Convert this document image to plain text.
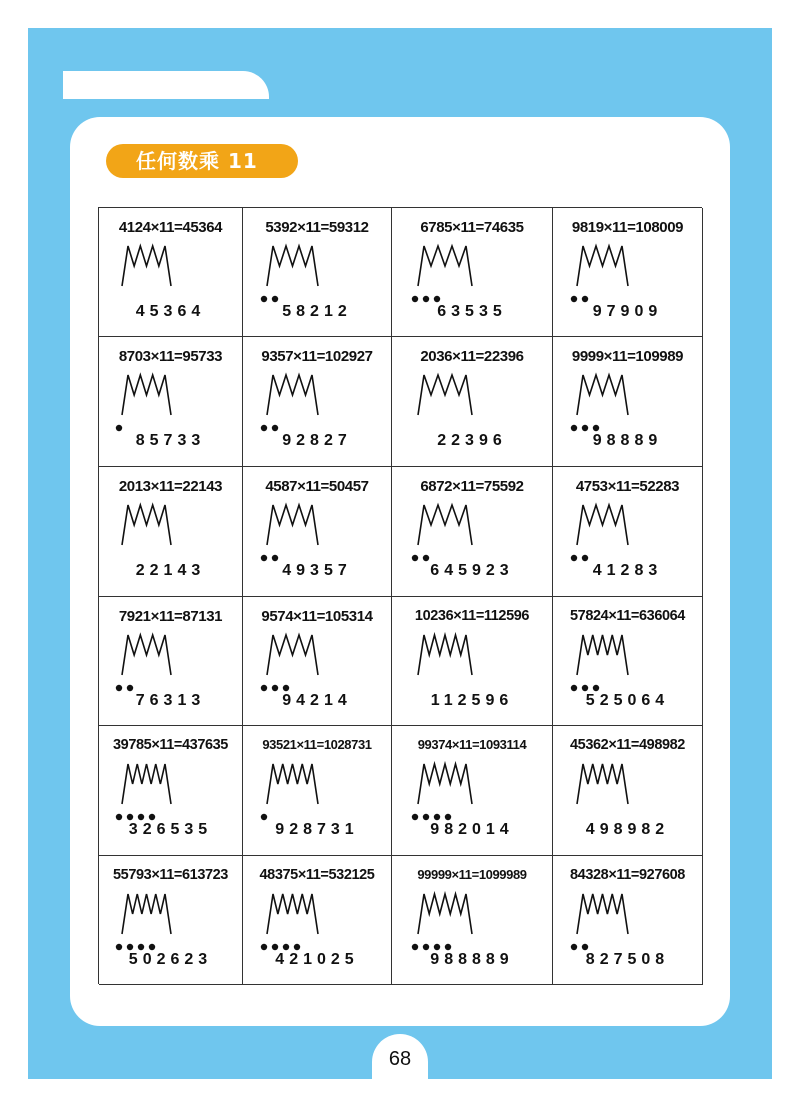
任何数乘 11
4124×11=45364
45364
5392×11=59312
58212
6785×11=74635
63535
9819×11=108009
97909
8703×11=95733
85733
9357×11=102927
92827
2036×11=22396
22396
9999×11=109989
98889
2013×11=22143
22143
4587×11=50457
49357
6872×11=75592
645923
4753×11=52283
41283
7921×11=87131
76313
9574×11=105314
94214
10236×11=112596
112596
57824×11=636064
525064
39785×11=437635
326535
93521×11=1028731
928731
99374×11=1093114
982014
45362×11=498982
498982
55793×11=613723
502623
48375×11=532125
421025
99999×11=1099989
988889
84328×11=927608
827508
68
